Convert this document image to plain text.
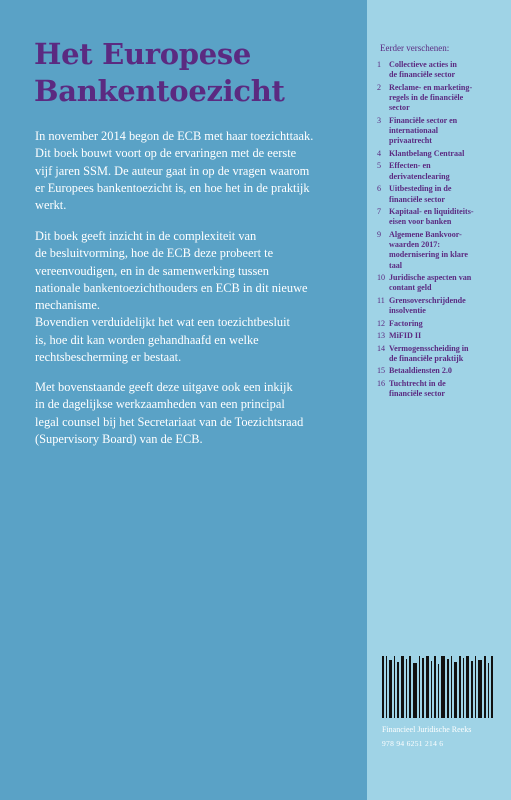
Het Europese
Bankentoezicht
In november 2014 begon de ECB met haar toezichttaak.
Dit boek bouwt voort op de ervaringen met de eerste
vijf jaren SSM. De auteur gaat in op de vragen waarom
er Europees bankentoezicht is, en hoe het in de praktijk
werkt.
Dit boek geeft inzicht in de complexiteit van
de besluitvorming, hoe de ECB deze probeert te
vereenvoudigen, en in de samenwerking tussen
nationale bankentoezichthouders en ECB in dit nieuwe
mechanisme.
Bovendien verduidelijkt het wat een toezichtbesluit
is, hoe dit kan worden gehandhaafd en welke
rechtsbescherming er bestaat.
Met bovenstaande geeft deze uitgave ook een inkijk
in de dagelijkse werkzaamheden van een principal
legal counsel bij het Secretariaat van de Toezichtsraad
(Supervisory Board) van de ECB.
Eerder verschenen:
1 Collectieve acties in
de financiële sector
2 Reclame- en marketing-
regels in de financiële
sector
3 Financiële sector en
internationaal
privaatrecht
4 Klantbelang Centraal
5 Effecten- en
derivatenclearing
6 Uitbesteding in de
financiële sector
7 Kapitaal- en liquiditeits-
eisen voor banken
9 Algemene Bankvoor-
waarden 2017:
modernisering in klare
taal
10 Juridische aspecten van
contant geld
11 Grensoverschrijdende
insolventie
12 Factoring
13 MiFID II
14 Vermogensscheiding in
de financiële praktijk
15 Betaaldiensten 2.0
16 Tuchtrecht in de
financiële sector
Financieel Juridische Reeks
978 94 6251 214 6
